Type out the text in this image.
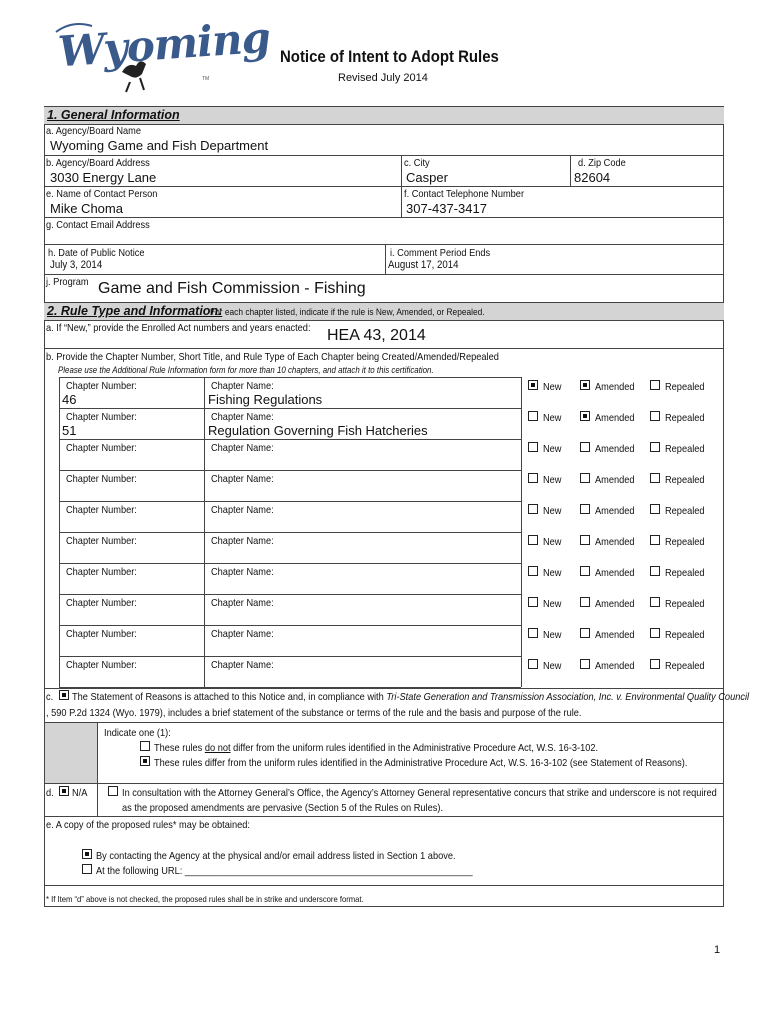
Wyoming
TM
Notice of Intent to Adopt Rules
Revised July 2014
1. General Information
a. Agency/Board Name
Wyoming Game and Fish Department
b. Agency/Board Address
3030 Energy Lane
c. City
Casper
d. Zip Code
82604
e. Name of Contact Person
Mike Choma
f. Contact Telephone Number
307-437-3417
g. Contact Email Address
h. Date of Public Notice
July 3, 2014
i. Comment Period Ends
August 17, 2014
j. Program Game and Fish Commission - Fishing
2. Rule Type and Information:
For each chapter listed, indicate if the rule is New, Amended, or Repealed.
a. If “New,” provide the Enrolled Act numbers and years enacted: HEA 43, 2014
b. Provide the Chapter Number, Short Title, and Rule Type of Each Chapter being Created/Amended/Repealed
Please use the Additional Rule Information form for more than 10 chapters, and attach it to this certification.
Chapter Number:
46
Chapter Name:
Fishing Regulations
New	Amended	Repealed
Chapter Number:
51
Chapter Name:
Regulation Governing Fish Hatcheries
New	Amended	Repealed
Chapter Number:	Chapter Name:	New	Amended	Repealed
Chapter Number:	Chapter Name:	New	Amended	Repealed
Chapter Number:	Chapter Name:	New	Amended	Repealed
Chapter Number:	Chapter Name:	New	Amended	Repealed
Chapter Number:	Chapter Name:	New	Amended	Repealed
Chapter Number:	Chapter Name:	New	Amended	Repealed
Chapter Number:	Chapter Name:	New	Amended	Repealed
Chapter Number:	Chapter Name:	New	Amended	Repealed
c. The Statement of Reasons is attached to this Notice and, in compliance with Tri-State Generation and Transmission Association, Inc. v. Environmental Quality Council
, 590 P.2d 1324 (Wyo. 1979), includes a brief statement of the substance or terms of the rule and the basis and purpose of the rule.
Indicate one (1):
These rules do not differ from the uniform rules identified in the Administrative Procedure Act, W.S. 16-3-102.
These rules differ from the uniform rules identified in the Administrative Procedure Act, W.S. 16-3-102 (see Statement of Reasons).
d. N/A	In consultation with the Attorney General’s Office, the Agency’s Attorney General representative concurs that strike and underscore is not required
as the proposed amendments are pervasive (Section 5 of the Rules on Rules).
e. A copy of the proposed rules* may be obtained:
By contacting the Agency at the physical and/or email address listed in Section 1 above.
At the following URL: ________________________________________________________
* If Item “d” above is not checked, the proposed rules shall be in strike and underscore format.
1
